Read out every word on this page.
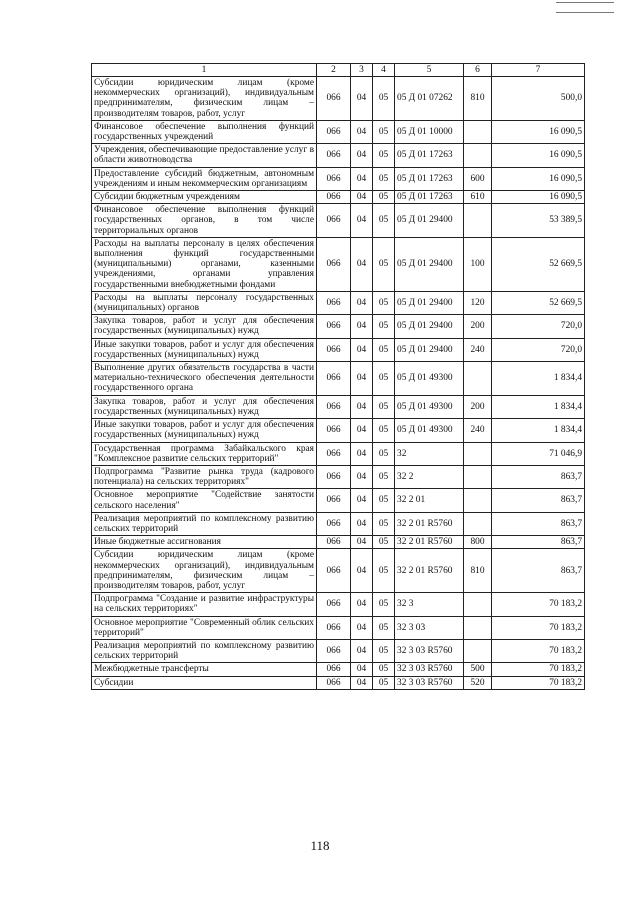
1	2	3	4	5	6	7
Субсидии юридическим лицам (кроме некоммерческих организаций), индивидуальным предпринимателям, физическим лицам – производителям товаров, работ, услуг	066	04	05	05 Д 01 07262	810	500,0
Финансовое обеспечение выполнения функций государственных учреждений	066	04	05	05 Д 01 10000		16 090,5
Учреждения, обеспечивающие предоставление услуг в области животноводства	066	04	05	05 Д 01 17263		16 090,5
Предоставление субсидий бюджетным, автономным учреждениям и иным некоммерческим организациям	066	04	05	05 Д 01 17263	600	16 090,5
Субсидии бюджетным учреждениям	066	04	05	05 Д 01 17263	610	16 090,5
Финансовое обеспечение выполнения функций государственных органов, в том числе территориальных органов	066	04	05	05 Д 01 29400		53 389,5
Расходы на выплаты персоналу в целях обеспечения выполнения функций государственными (муниципальными) органами, казенными учреждениями, органами управления государственными внебюджетными фондами	066	04	05	05 Д 01 29400	100	52 669,5
Расходы на выплаты персоналу государственных (муниципальных) органов	066	04	05	05 Д 01 29400	120	52 669,5
Закупка товаров, работ и услуг для обеспечения государственных (муниципальных) нужд	066	04	05	05 Д 01 29400	200	720,0
Иные закупки товаров, работ и услуг для обеспечения государственных (муниципальных) нужд	066	04	05	05 Д 01 29400	240	720,0
Выполнение других обязательств государства в части материально-технического обеспечения деятельности государственного органа	066	04	05	05 Д 01 49300		1 834,4
Закупка товаров, работ и услуг для обеспечения государственных (муниципальных) нужд	066	04	05	05 Д 01 49300	200	1 834,4
Иные закупки товаров, работ и услуг для обеспечения государственных (муниципальных) нужд	066	04	05	05 Д 01 49300	240	1 834,4
Государственная программа Забайкальского края "Комплексное развитие сельских территорий"	066	04	05	32		71 046,9
Подпрограмма "Развитие рынка труда (кадрового потенциала) на сельских территориях"	066	04	05	32 2		863,7
Основное мероприятие "Содействие занятости сельского населения"	066	04	05	32 2 01		863,7
Реализация мероприятий по комплексному развитию сельских территорий	066	04	05	32 2 01 R5760		863,7
Иные бюджетные ассигнования	066	04	05	32 2 01 R5760	800	863,7
Субсидии юридическим лицам (кроме некоммерческих организаций), индивидуальным предпринимателям, физическим лицам – производителям товаров, работ, услуг	066	04	05	32 2 01 R5760	810	863,7
Подпрограмма "Создание и развитие инфраструктуры на сельских территориях"	066	04	05	32 3		70 183,2
Основное мероприятие "Современный облик сельских территорий"	066	04	05	32 3 03		70 183,2
Реализация мероприятий по комплексному развитию сельских территорий	066	04	05	32 3 03 R5760		70 183,2
Межбюджетные трансферты	066	04	05	32 3 03 R5760	500	70 183,2
Субсидии	066	04	05	32 3 03 R5760	520	70 183,2
118
